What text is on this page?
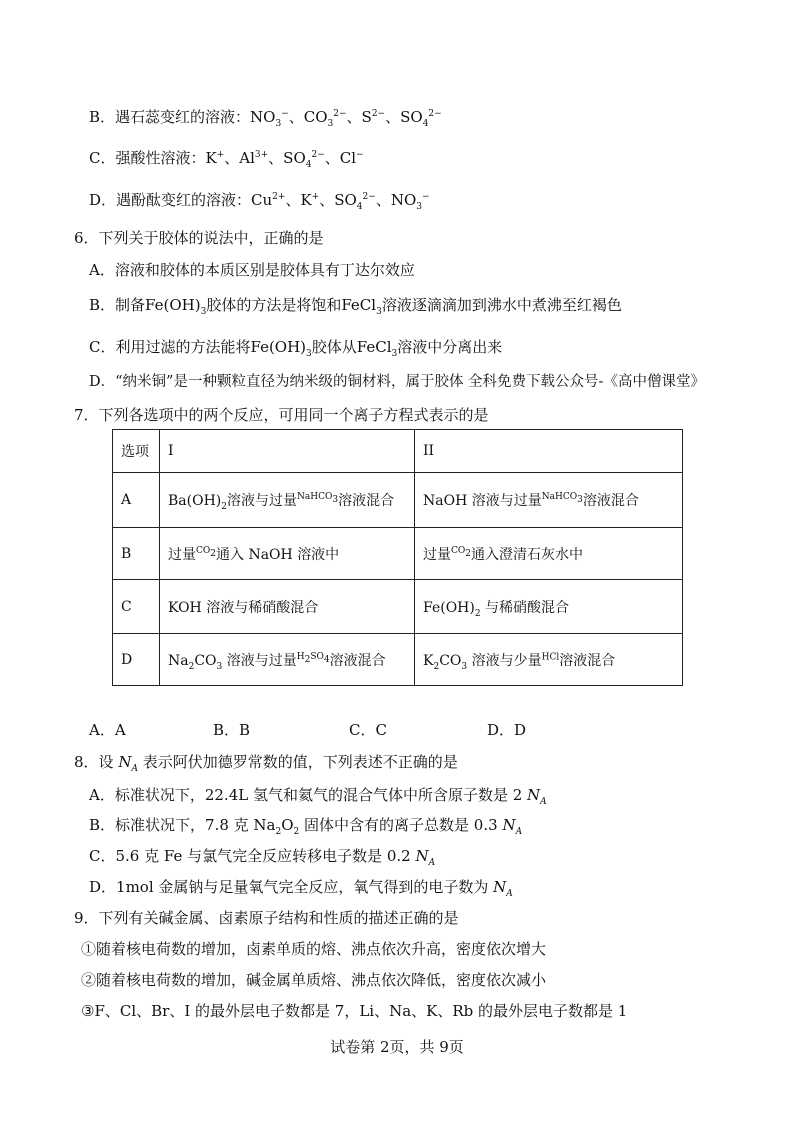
B．遇石蕊变红的溶液：$NO_3^-$、$CO_3^{2-}$、$S^{2-}$、$SO_4^{2-}$
C．强酸性溶液：K+、$Al^{3+}$、$SO_4^{2-}$、Cl−
D．遇酚酞变红的溶液：$Cu^{2+}$、K+、$SO_4^{2-}$、$NO_3^-$
6．下列关于胶体的说法中，正确的是
A．溶液和胶体的本质区别是胶体具有丁达尔效应
B．制备$Fe(OH)_3$胶体的方法是将饱和FeCl$_3$溶液逐滴滴加到沸水中煮沸至红褐色
C．利用过滤的方法能将$Fe(OH)_3$胶体从FeCl$_3$溶液中分离出来
D．“纳米铜”是一种颗粒直径为纳米级的铜材料，属于胶体 全科免费下载公众号-《高中僧课堂》
7．下列各选项中的两个反应，可用同一个离子方程式表示的是
选项	I	II
A	$Ba(OH)_2$溶液与过量$^{NaHCO_3}$溶液混合	NaOH 溶液与过量$^{NaHCO_3}$溶液混合
B	过量$^{CO_2}$通入 NaOH 溶液中	过量$^{CO_2}$通入澄清石灰水中
C	KOH 溶液与稀硝酸混合	$Fe(OH)_2$ 与稀硝酸混合
D	$Na_2CO_3$ 溶液与过量$^{H_2SO_4}$溶液混合	$K_2CO_3$ 溶液与少量$^{HCl}$溶液混合
A．A	B．B	C．C	D．D
8．设 $N_A$ 表示阿伏加德罗常数的值，下列表述不正确的是
A．标准状况下，22.4L 氢气和氦气的混合气体中所含原子数是 2 $N_A$
B．标准状况下，7.8 克 $Na_2O_2$ 固体中含有的离子总数是 0.3 $N_A$
C．5.6 克 Fe 与氯气完全反应转移电子数是 0.2 $N_A$
D．1mol 金属钠与足量氧气完全反应，氧气得到的电子数为 $N_A$
9．下列有关碱金属、卤素原子结构和性质的描述正确的是
①随着核电荷数的增加，卤素单质的熔、沸点依次升高，密度依次增大
②随着核电荷数的增加，碱金属单质熔、沸点依次降低，密度依次减小
③F、Cl、Br、I 的最外层电子数都是 7，Li、Na、K、Rb 的最外层电子数都是 1
试卷第 2页，共 9页
